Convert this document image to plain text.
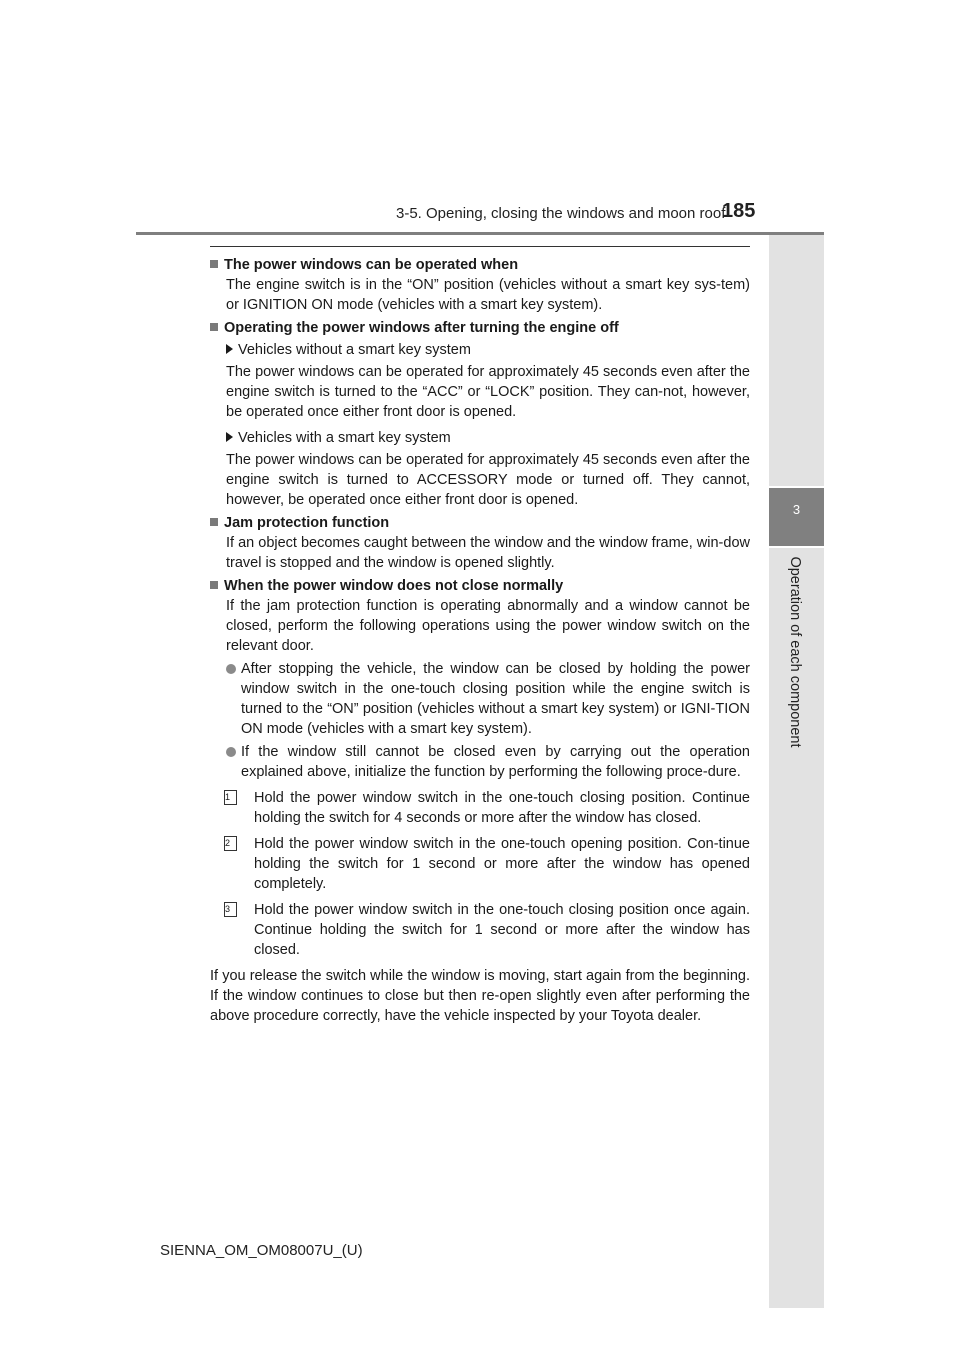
3-5. Opening, closing the windows and moon roof
185
3
Operation of each component
The power windows can be operated when

The engine switch is in the “ON” position (vehicles without a smart key sys-tem) or IGNITION ON mode (vehicles with a smart key system).

Operating the power windows after turning the engine off
Vehicles without a smart key system

The power windows can be operated for approximately 45 seconds even after the engine switch is turned to the “ACC” or “LOCK” position. They can-not, however, be operated once either front door is opened.

Vehicles with a smart key system

The power windows can be operated for approximately 45 seconds even after the engine switch is turned to ACCESSORY mode or turned off. They cannot, however, be operated once either front door is opened.

Jam protection function

If an object becomes caught between the window and the window frame, win-dow travel is stopped and the window is opened slightly.

When the power window does not close normally

If the jam protection function is operating abnormally and a window cannot be closed, perform the following operations using the power window switch on the relevant door.

After stopping the vehicle, the window can be closed by holding the power window switch in the one-touch closing position while the engine switch is turned to the “ON” position (vehicles without a smart key system) or IGNI-TION ON mode (vehicles with a smart key system).
If the window still cannot be closed even by carrying out the operation explained above, initialize the function by performing the following proce-dure.
1	Hold the power window switch in the one-touch closing position. Continue holding the switch for 4 seconds or more after the window has closed.
2	Hold the power window switch in the one-touch opening position. Con-tinue holding the switch for 1 second or more after the window has opened completely.
3	Hold the power window switch in the one-touch closing position once again. Continue holding the switch for 1 second or more after the window has closed.

If you release the switch while the window is moving, start again from the beginning. If the window continues to close but then re-open slightly even after performing the above procedure correctly, have the vehicle inspected by your Toyota dealer.

SIENNA_OM_OM08007U_(U)
